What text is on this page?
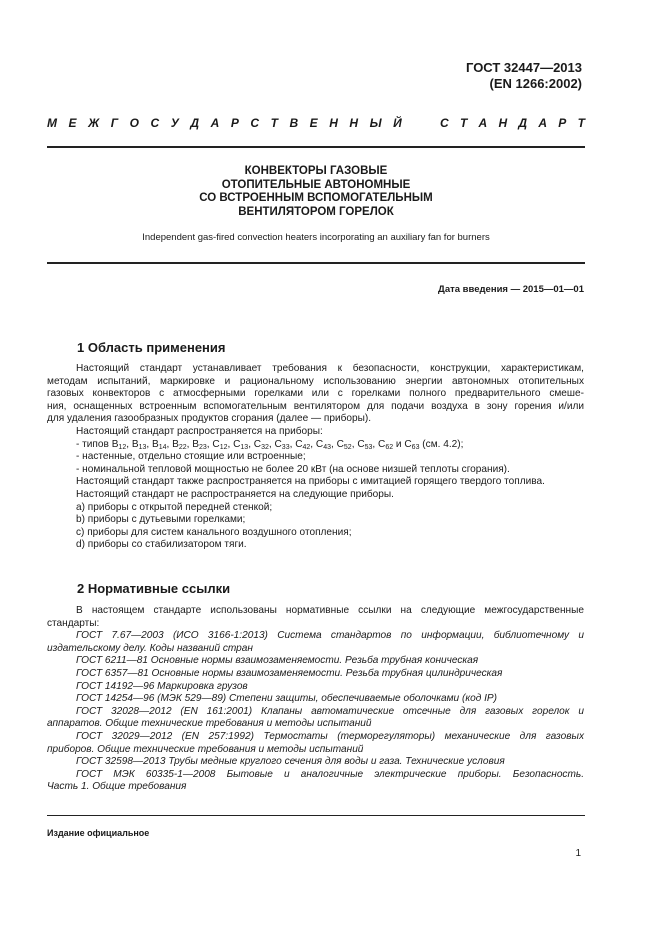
ГОСТ 32447—2013
(EN 1266:2002)
М Е Ж Г О С У Д А Р С Т В Е Н Н Ы Й	С Т А Н Д А Р Т
КОНВЕКТОРЫ ГАЗОВЫЕ
ОТОПИТЕЛЬНЫЕ АВТОНОМНЫЕ
СО ВСТРОЕННЫМ ВСПОМОГАТЕЛЬНЫМ
ВЕНТИЛЯТОРОМ ГОРЕЛОК
Independent gas-fired convection heaters incorporating an auxiliary fan for burners
Дата введения — 2015—01—01
1 Область применения
Настоящий стандарт устанавливает требования к безопасности, конструкции, характеристикам,
методам испытаний, маркировке и рациональному использованию энергии автономных отопительных
газовых конвекторов с атмосферными горелками или с горелками полного предварительного смеше-
ния, оснащенных встроенным вспомогательным вентилятором для подачи воздуха в зону горения и/или
для удаления газообразных продуктов сгорания (далее — приборы).
Настоящий стандарт распространяется на приборы:
- типов $B_{12}$, $B_{13}$, $B_{14}$, $B_{22}$, $B_{23}$, $C_{12}$, $C_{13}$, $C_{32}$, $C_{33}$, $C_{42}$, $C_{43}$, $C_{52}$, $C_{53}$, $C_{62}$ и $C_{63}$ (см. 4.2);
- настенные, отдельно стоящие или встроенные;
- номинальной тепловой мощностью не более 20 кВт (на основе низшей теплоты сгорания).
Настоящий стандарт также распространяется на приборы с имитацией горящего твердого топлива.
Настоящий стандарт не распространяется на следующие приборы.
a) приборы с открытой передней стенкой;
b) приборы с дутьевыми горелками;
c) приборы для систем канального воздушного отопления;
d) приборы со стабилизатором тяги.
2 Нормативные ссылки
В настоящем стандарте использованы нормативные ссылки на следующие межгосударственные
стандарты:
ГОСТ 7.67—2003 (ИСО 3166-1:2013) Система стандартов по информации, библиотечному и
издательскому делу. Коды названий стран
ГОСТ 6211—81 Основные нормы взаимозаменяемости. Резьба трубная коническая
ГОСТ 6357—81 Основные нормы взаимозаменяемости. Резьба трубная цилиндрическая
ГОСТ 14192—96 Маркировка грузов
ГОСТ 14254—96 (МЭК 529—89) Степени защиты, обеспечиваемые оболочками (код IP)
ГОСТ 32028—2012 (EN 161:2001) Клапаны автоматические отсечные для газовых горелок и
аппаратов. Общие технические требования и методы испытаний
ГОСТ 32029—2012 (EN 257:1992) Термостаты (терморегуляторы) механические для газовых
приборов. Общие технические требования и методы испытаний
ГОСТ 32598—2013 Трубы медные круглого сечения для воды и газа. Технические условия
ГОСТ МЭК 60335-1—2008 Бытовые и аналогичные электрические приборы. Безопасность.
Часть 1. Общие требования
Издание официальное
1
